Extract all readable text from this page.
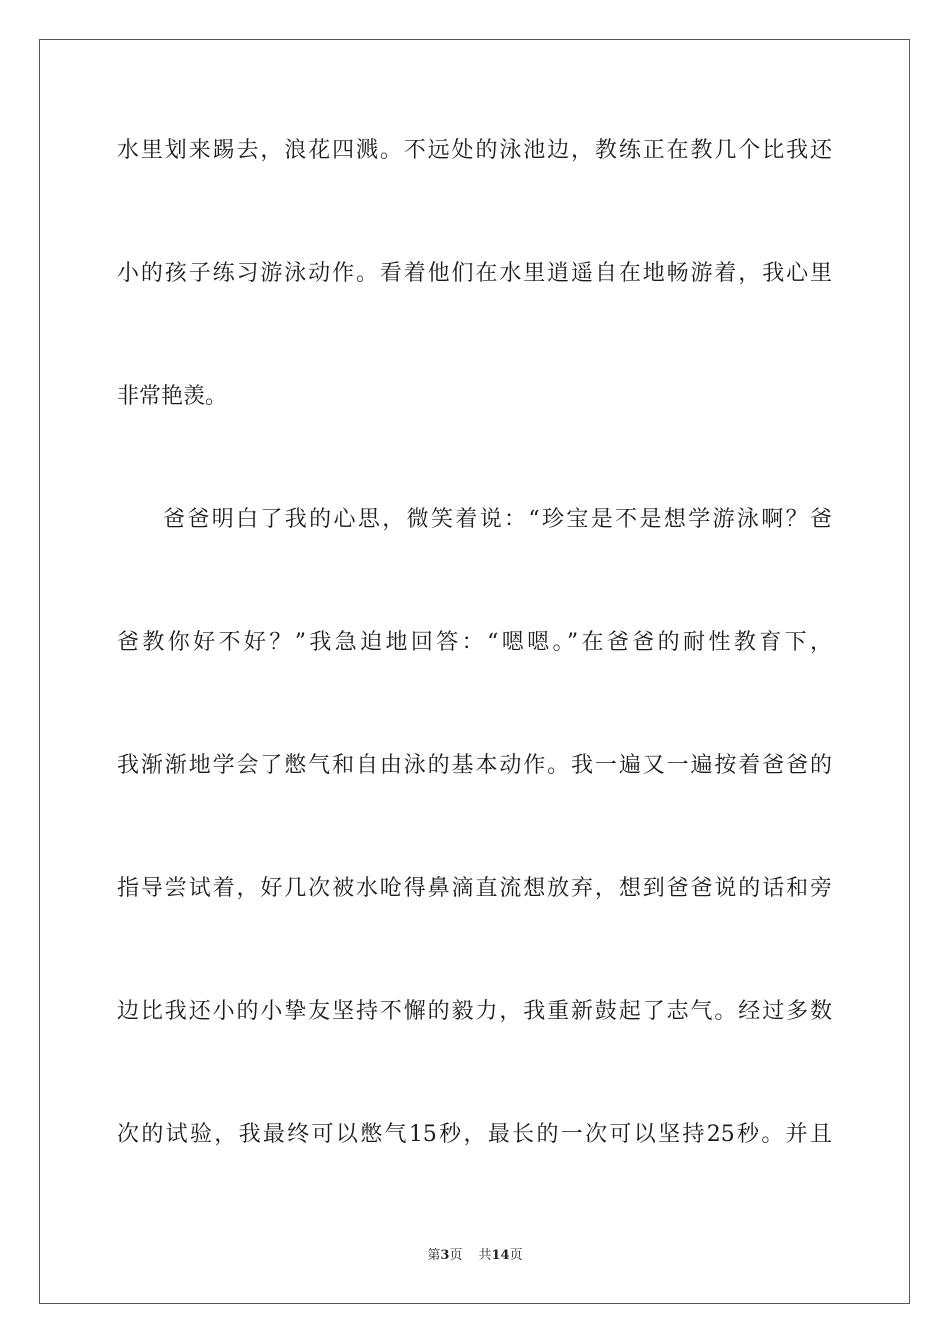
水里划来踢去，浪花四溅。不远处的泳池边，教练正在教几个比我还
小的孩子练习游泳动作。看着他们在水里逍遥自在地畅游着，我心里
非常艳羡。
爸爸明白了我的心思，微笑着说：“珍宝是不是想学游泳啊？爸
爸教你好不好？”我急迫地回答：“嗯嗯。”在爸爸的耐性教育下，
我渐渐地学会了憋气和自由泳的基本动作。我一遍又一遍按着爸爸的
指导尝试着，好几次被水呛得鼻滴直流想放弃，想到爸爸说的话和旁
边比我还小的小挚友坚持不懈的毅力，我重新鼓起了志气。经过多数
次的试验，我最终可以憋气15秒，最长的一次可以坚持25秒。并且
第3页 共14页
